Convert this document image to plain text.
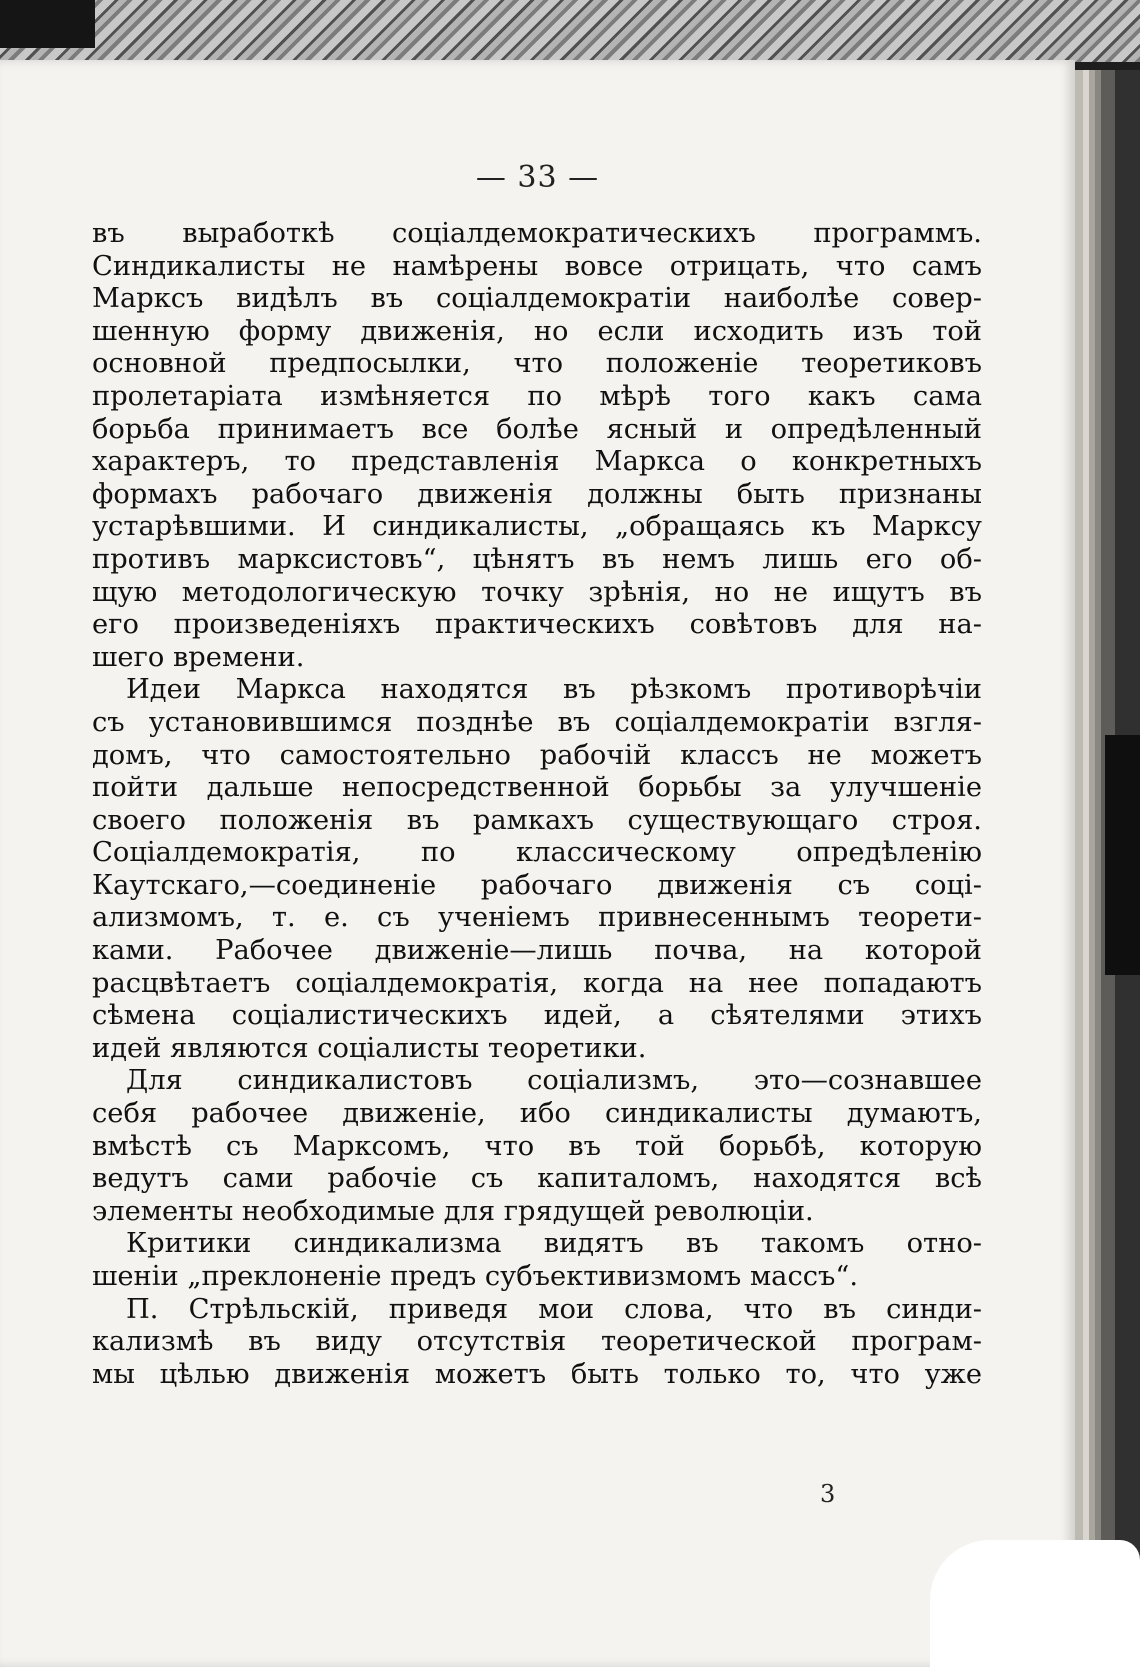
— 33 —
въ выработкѣ соціалдемократическихъ программъ.
Синдикалисты не намѣрены вовсе отрицать, что самъ
Марксъ видѣлъ въ соціалдемократіи наиболѣе совер-
шенную форму движенія, но если исходить изъ той
основной предпосылки, что положеніе теоретиковъ
пролетаріата измѣняется по мѣрѣ того какъ сама
борьба принимаетъ все болѣе ясный и опредѣленный
характеръ, то представленія Маркса о конкретныхъ
формахъ рабочаго движенія должны быть признаны
устарѣвшими. И синдикалисты, „обращаясь къ Марксу
противъ марксистовъ“, цѣнятъ въ немъ лишь его об-
щую методологическую точку зрѣнія, но не ищутъ въ
его произведеніяхъ практическихъ совѣтовъ для на-
шего времени.
Идеи Маркса находятся въ рѣзкомъ противорѣчіи
съ установившимся позднѣе въ соціалдемократіи взгля-
домъ, что самостоятельно рабочій классъ не можетъ
пойти дальше непосредственной борьбы за улучшеніе
своего положенія въ рамкахъ существующаго строя.
Соціалдемократія, по классическому опредѣленію
Каутскаго,—соединеніе рабочаго движенія съ соці-
ализмомъ, т. е. съ ученіемъ привнесеннымъ теорети-
ками. Рабочее движеніе—лишь почва, на которой
расцвѣтаетъ соціалдемократія, когда на нее попадаютъ
сѣмена соціалистическихъ идей, а сѣятелями этихъ
идей являются соціалисты теоретики.
Для синдикалистовъ соціализмъ, это—сознавшее
себя рабочее движеніе, ибо синдикалисты думаютъ,
вмѣстѣ съ Марксомъ, что въ той борьбѣ, которую
ведутъ сами рабочіе съ капиталомъ, находятся всѣ
элементы необходимые для грядущей революціи.
Критики синдикализма видятъ въ такомъ отно-
шеніи „преклоненіе предъ субъективизмомъ массъ“.
П. Стрѣльскій, приведя мои слова, что въ синди-
кализмѣ въ виду отсутствія теоретической програм-
мы цѣлью движенія можетъ быть только то, что уже
3
